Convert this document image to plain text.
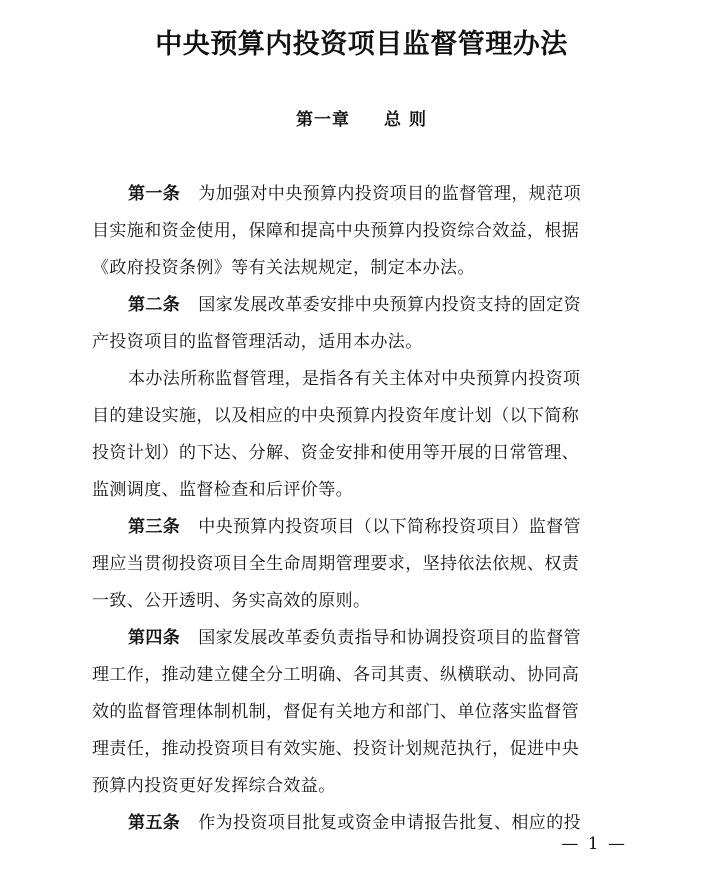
中央预算内投资项目监督管理办法
第一章 总 则
第一条 为加强对中央预算内投资项目的监督管理，规范项
目实施和资金使用，保障和提高中央预算内投资综合效益，根据
《政府投资条例》等有关法规规定，制定本办法。
第二条 国家发展改革委安排中央预算内投资支持的固定资
产投资项目的监督管理活动，适用本办法。
本办法所称监督管理，是指各有关主体对中央预算内投资项
目的建设实施，以及相应的中央预算内投资年度计划（以下简称
投资计划）的下达、分解、资金安排和使用等开展的日常管理、
监测调度、监督检查和后评价等。
第三条 中央预算内投资项目（以下简称投资项目）监督管
理应当贯彻投资项目全生命周期管理要求，坚持依法依规、权责
一致、公开透明、务实高效的原则。
第四条 国家发展改革委负责指导和协调投资项目的监督管
理工作，推动建立健全分工明确、各司其责、纵横联动、协同高
效的监督管理体制机制，督促有关地方和部门、单位落实监督管
理责任，推动投资项目有效实施、投资计划规范执行，促进中央
预算内投资更好发挥综合效益。
第五条 作为投资项目批复或资金申请报告批复、相应的投
— 1 —
